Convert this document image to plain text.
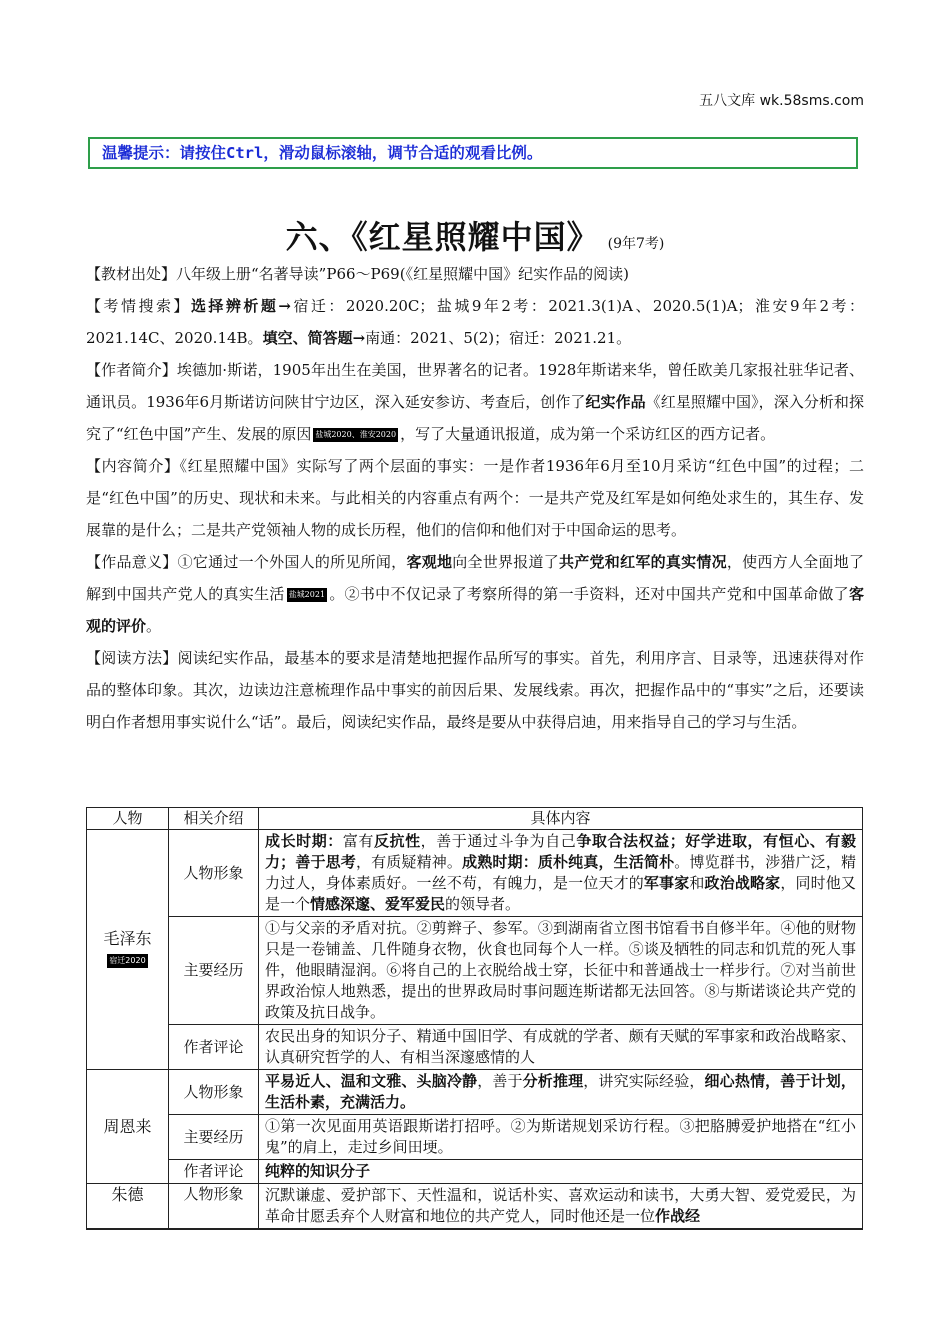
五八文库 wk.58sms.com
温馨提示：请按住Ctrl，滑动鼠标滚轴，调节合适的观看比例。
六、《红星照耀中国》 (9年7考)

【教材出处】八年级上册“名著导读”P66～P69(《红星照耀中国》纪实作品的阅读)

【考情搜索】选择辨析题→宿迁：2020.20C；盐城9年2考：2021.3(1)A、2020.5(1)A；淮安9年2考：2021.14C、2020.14B。填空、简答题→南通：2021、5(2)；宿迁：2021.21。

【作者简介】埃德加·斯诺，1905年出生在美国，世界著名的记者。1928年斯诺来华，曾任欧美几家报社驻华记者、通讯员。1936年6月斯诺访问陕甘宁边区，深入延安参访、考查后，创作了纪实作品《红星照耀中国》，深入分析和探究了“红色中国”产生、发展的原因 盐城2020、淮安2020 ，写了大量通讯报道，成为第一个采访红区的西方记者。

【内容简介】《红星照耀中国》实际写了两个层面的事实：一是作者1936年6月至10月采访“红色中国”的过程；二是“红色中国”的历史、现状和未来。与此相关的内容重点有两个：一是共产党及红军是如何绝处求生的，其生存、发展靠的是什么；二是共产党领袖人物的成长历程，他们的信仰和他们对于中国命运的思考。

【作品意义】①它通过一个外国人的所见所闻，客观地向全世界报道了共产党和红军的真实情况，使西方人全面地了解到中国共产党人的真实生活 盐城2021 。②书中不仅记录了考察所得的第一手资料，还对中国共产党和中国革命做了客观的评价。

【阅读方法】阅读纪实作品，最基本的要求是清楚地把握作品所写的事实。首先，利用序言、目录等，迅速获得对作品的整体印象。其次，边读边注意梳理作品中事实的前因后果、发展线索。再次，把握作品中的“事实”之后，还要读明白作者想用事实说什么“话”。最后，阅读纪实作品，最终是要从中获得启迪，用来指导自己的学习与生活。

人物	相关介绍	具体内容
毛泽东
宿迁2020	人物形象	成长时期：富有反抗性，善于通过斗争为自己争取合法权益；好学进取，有恒心、有毅力；善于思考，有质疑精神。成熟时期：质朴纯真，生活简朴。博览群书，涉猎广泛，精力过人，身体素质好。一丝不苟，有魄力，是一位天才的军事家和政治战略家，同时他又是一个情感深邃、爱军爱民的领导者。
	主要经历	①与父亲的矛盾对抗。②剪辫子、参军。③到湖南省立图书馆看书自修半年。④他的财物只是一卷铺盖、几件随身衣物，伙食也同每个人一样。⑤谈及牺牲的同志和饥荒的死人事件，他眼睛湿润。⑥将自己的上衣脱给战士穿，长征中和普通战士一样步行。⑦对当前世界政治惊人地熟悉，提出的世界政局时事问题连斯诺都无法回答。⑧与斯诺谈论共产党的政策及抗日战争。
	作者评论	农民出身的知识分子、精通中国旧学、有成就的学者、颇有天赋的军事家和政治战略家、认真研究哲学的人、有相当深邃感情的人
周恩来	人物形象	平易近人、温和文雅、头脑冷静，善于分析推理，讲究实际经验，细心热情，善于计划，生活朴素，充满活力。
	主要经历	①第一次见面用英语跟斯诺打招呼。②为斯诺规划采访行程。③把胳膊爱护地搭在“红小鬼”的肩上，走过乡间田埂。
	作者评论	纯粹的知识分子
朱德	人物形象	沉默谦虚、爱护部下、天性温和，说话朴实、喜欢运动和读书，大勇大智、爱党爱民，为革命甘愿丢弃个人财富和地位的共产党人，同时他还是一位作战经
